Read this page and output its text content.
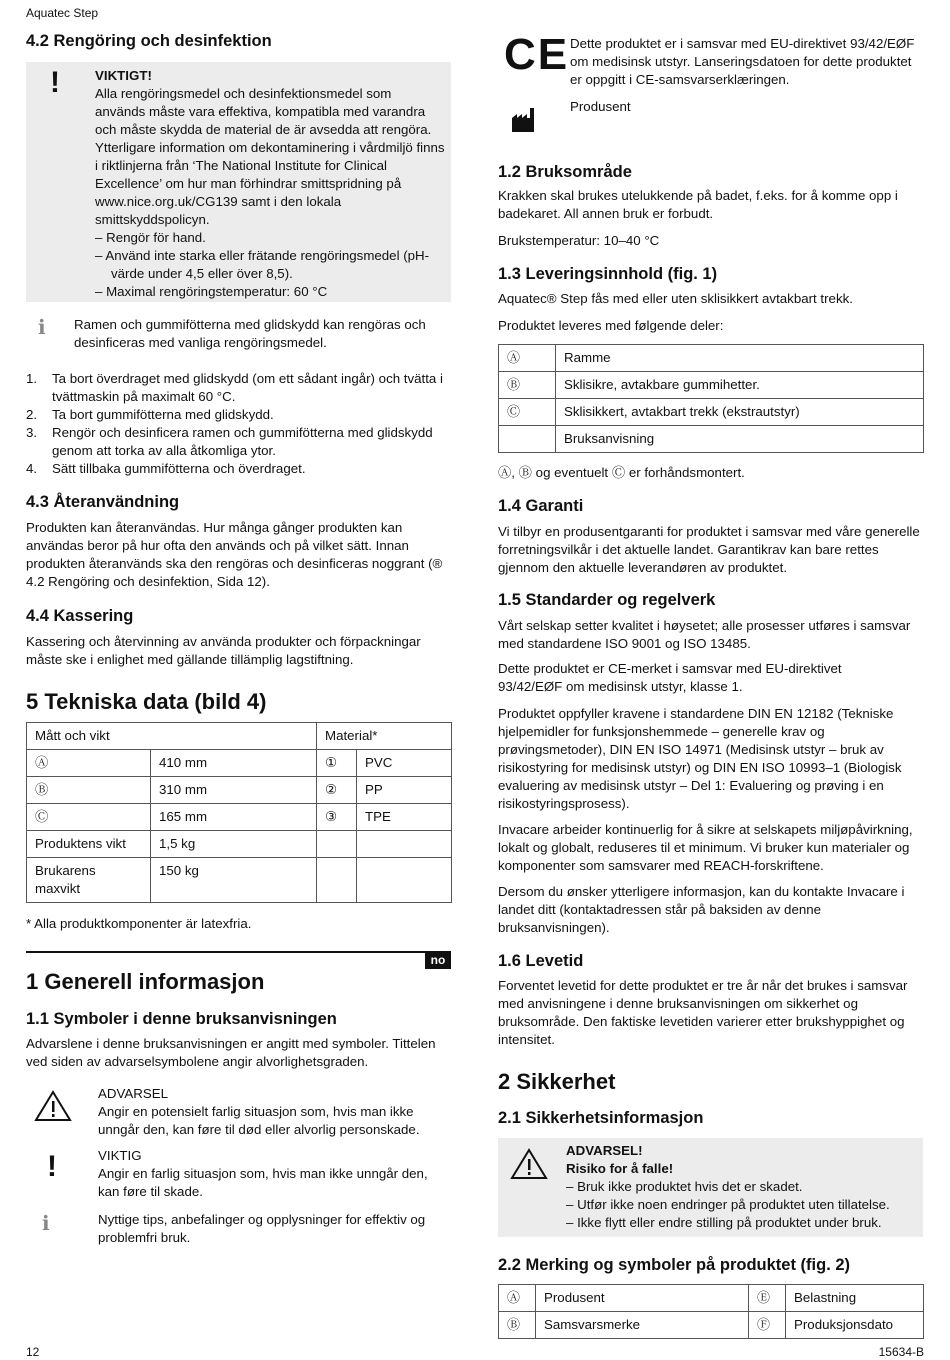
Aquatec Step
4.2 Rengöring och desinfektion
!	VIKTIGT!

Alla rengöringsmedel och desinfektionsmedel som används måste vara effektiva, kompatibla med varandra och måste skydda de material de är avsedda att rengöra. Ytterligare information om dekontaminering i vårdmiljö finns i riktlinjerna från ‘The National Institute for Clinical Excellence’ om hur man förhindrar smittspridning på www.nice.org.uk/CG139 samt i den lokala smittskyddspolicyn.

– Rengör för hand.

– Använd inte starka eller frätande rengöringsmedel (pH-värde under 4,5 eller över 8,5).

– Maximal rengöringstemperatur: 60 °C

ℹ Ramen och gummifötterna med glidskydd kan rengöras och desinficeras med vanliga rengöringsmedel.

1. Ta bort överdraget med glidskydd (om ett sådant ingår) och tvätta i tvättmaskin på maximalt 60 °C.
2. Ta bort gummifötterna med glidskydd.
3. Rengör och desinficera ramen och gummifötterna med glidskydd genom att torka av alla åtkomliga ytor.
4. Sätt tillbaka gummifötterna och överdraget.
4.3 Återanvändning

Produkten kan återanvändas. Hur många gånger produkten kan användas beror på hur ofta den används och på vilket sätt. Innan produkten återanvänds ska den rengöras och desinficeras noggrant (® 4.2 Rengöring och desinfektion, Sida 12).

4.4 Kassering

Kassering och återvinning av använda produkter och förpackningar måste ske i enlighet med gällande tillämplig lagstiftning.

5 Tekniska data (bild 4)
Mått och vikt		Material*	
Ⓐ	410 mm	①	PVC
Ⓑ	310 mm	②	PP
Ⓒ	165 mm	③	TPE
Produktens vikt	1,5 kg		
Brukarens maxvikt	150 kg		

* Alla produktkomponenter är latexfria.

no
1 Generell informasjon
1.1 Symboler i denne bruksanvisningen

Advarslene i denne bruksanvisningen er angitt med symboler. Tittelen ved siden av advarselsymbolene angir alvorlighetsgraden.

ADVARSEL

Angir en potensielt farlig situasjon som, hvis man ikke unngår den, kan føre til død eller alvorlig personskade.

!	VIKTIG

Angir en farlig situasjon som, hvis man ikke unngår den, kan føre til skade.

ℹ	Nyttige tips, anbefalinger og opplysninger for effektiv og problemfri bruk.

12
CE Dette produktet er i samsvar med EU-direktivet 93/42/EØF om medisinsk utstyr. Lanseringsdatoen for dette produktet er oppgitt i CE-samsvarserklæringen.

Produsent

1.2 Bruksområde

Krakken skal brukes utelukkende på badet, f.eks. for å komme opp i badekaret. All annen bruk er forbudt.

Brukstemperatur: 10–40 °C

1.3 Leveringsinnhold (fig. 1)

Aquatec® Step fås med eller uten sklisikkert avtakbart trekk.

Produktet leveres med følgende deler:

Ⓐ	Ramme
Ⓑ	Sklisikre, avtakbare gummihetter.
Ⓒ	Sklisikkert, avtakbart trekk (ekstrautstyr)
	Bruksanvisning

Ⓐ, Ⓑ og eventuelt Ⓒ er forhåndsmontert.

1.4 Garanti

Vi tilbyr en produsentgaranti for produktet i samsvar med våre generelle forretningsvilkår i det aktuelle landet. Garantikrav kan bare rettes gjennom den aktuelle leverandøren av produktet.

1.5 Standarder og regelverk

Vårt selskap setter kvalitet i høysetet; alle prosesser utføres i samsvar med standardene ISO 9001 og ISO 13485.

Dette produktet er CE-merket i samsvar med EU-direktivet 93/42/EØF om medisinsk utstyr, klasse 1.

Produktet oppfyller kravene i standardene DIN EN 12182 (Tekniske hjelpemidler for funksjonshemmede – generelle krav og prøvingsmetoder), DIN EN ISO 14971 (Medisinsk utstyr – bruk av risikostyring for medisinsk utstyr) og DIN EN ISO 10993–1 (Biologisk evaluering av medisinsk utstyr – Del 1: Evaluering og prøving i en risikostyringsprosess).

Invacare arbeider kontinuerlig for å sikre at selskapets miljøpåvirkning, lokalt og globalt, reduseres til et minimum. Vi bruker kun materialer og komponenter som samsvarer med REACH-forskriftene.

Dersom du ønsker ytterligere informasjon, kan du kontakte Invacare i landet ditt (kontaktadressen står på baksiden av denne bruksanvisningen).

1.6 Levetid

Forventet levetid for dette produktet er tre år når det brukes i samsvar med anvisningene i denne bruksanvisningen om sikkerhet og bruksområde. Den faktiske levetiden varierer etter brukshyppighet og intensitet.

2 Sikkerhet
2.1 Sikkerhetsinformasjon

ADVARSEL!

Risiko for å falle!

– Bruk ikke produktet hvis det er skadet.

– Utfør ikke noen endringer på produktet uten tillatelse.

– Ikke flytt eller endre stilling på produktet under bruk.

2.2 Merking og symboler på produktet (fig. 2)
Ⓐ	Produsent	Ⓔ	Belastning
Ⓑ	Samsvarsmerke	Ⓕ	Produksjonsdato
15634-B
